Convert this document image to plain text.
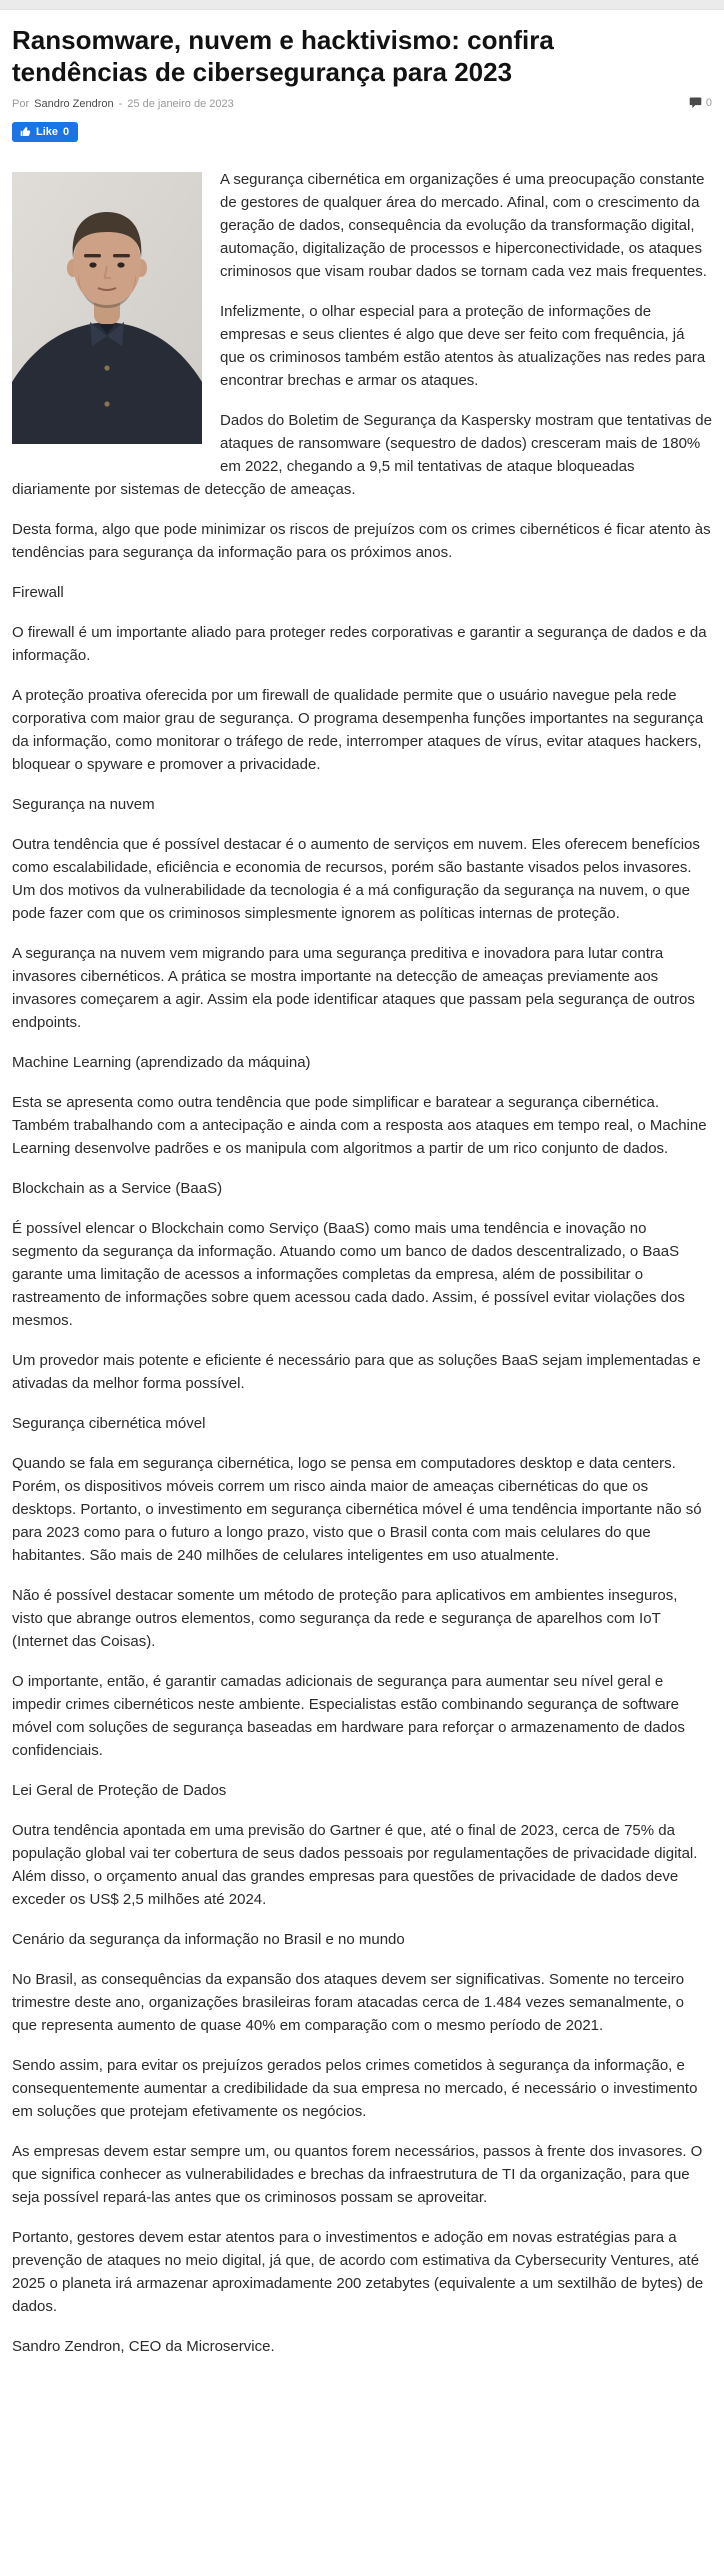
Ransomware, nuvem e hacktivismo: confira tendências de cibersegurança para 2023
Por Sandro Zendron - 25 de janeiro de 2023	0
Like 0

A segurança cibernética em organizações é uma preocupação constante de gestores de qualquer área do mercado. Afinal, com o crescimento da geração de dados, consequência da evolução da transformação digital, automação, digitalização de processos e hiperconectividade, os ataques criminosos que visam roubar dados se tornam cada vez mais frequentes.

Infelizmente, o olhar especial para a proteção de informações de empresas e seus clientes é algo que deve ser feito com frequência, já que os criminosos também estão atentos às atualizações nas redes para encontrar brechas e armar os ataques.

Dados do Boletim de Segurança da Kaspersky mostram que tentativas de ataques de ransomware (sequestro de dados) cresceram mais de 180% em 2022, chegando a 9,5 mil tentativas de ataque bloqueadas diariamente por sistemas de detecção de ameaças.

Desta forma, algo que pode minimizar os riscos de prejuízos com os crimes cibernéticos é ficar atento às tendências para segurança da informação para os próximos anos.

Firewall

O firewall é um importante aliado para proteger redes corporativas e garantir a segurança de dados e da informação.

A proteção proativa oferecida por um firewall de qualidade permite que o usuário navegue pela rede corporativa com maior grau de segurança. O programa desempenha funções importantes na segurança da informação, como monitorar o tráfego de rede, interromper ataques de vírus, evitar ataques hackers, bloquear o spyware e promover a privacidade.

Segurança na nuvem

Outra tendência que é possível destacar é o aumento de serviços em nuvem. Eles oferecem benefícios como escalabilidade, eficiência e economia de recursos, porém são bastante visados pelos invasores. Um dos motivos da vulnerabilidade da tecnologia é a má configuração da segurança na nuvem, o que pode fazer com que os criminosos simplesmente ignorem as políticas internas de proteção.

A segurança na nuvem vem migrando para uma segurança preditiva e inovadora para lutar contra invasores cibernéticos. A prática se mostra importante na detecção de ameaças previamente aos invasores começarem a agir. Assim ela pode identificar ataques que passam pela segurança de outros endpoints.

Machine Learning (aprendizado da máquina)

Esta se apresenta como outra tendência que pode simplificar e baratear a segurança cibernética. Também trabalhando com a antecipação e ainda com a resposta aos ataques em tempo real, o Machine Learning desenvolve padrões e os manipula com algoritmos a partir de um rico conjunto de dados.

Blockchain as a Service (BaaS)

É possível elencar o Blockchain como Serviço (BaaS) como mais uma tendência e inovação no segmento da segurança da informação. Atuando como um banco de dados descentralizado, o BaaS garante uma limitação de acessos a informações completas da empresa, além de possibilitar o rastreamento de informações sobre quem acessou cada dado. Assim, é possível evitar violações dos mesmos.

Um provedor mais potente e eficiente é necessário para que as soluções BaaS sejam implementadas e ativadas da melhor forma possível.

Segurança cibernética móvel

Quando se fala em segurança cibernética, logo se pensa em computadores desktop e data centers. Porém, os dispositivos móveis correm um risco ainda maior de ameaças cibernéticas do que os desktops. Portanto, o investimento em segurança cibernética móvel é uma tendência importante não só para 2023 como para o futuro a longo prazo, visto que o Brasil conta com mais celulares do que habitantes. São mais de 240 milhões de celulares inteligentes em uso atualmente.

Não é possível destacar somente um método de proteção para aplicativos em ambientes inseguros, visto que abrange outros elementos, como segurança da rede e segurança de aparelhos com IoT (Internet das Coisas).

O importante, então, é garantir camadas adicionais de segurança para aumentar seu nível geral e impedir crimes cibernéticos neste ambiente. Especialistas estão combinando segurança de software móvel com soluções de segurança baseadas em hardware para reforçar o armazenamento de dados confidenciais.

Lei Geral de Proteção de Dados

Outra tendência apontada em uma previsão do Gartner é que, até o final de 2023, cerca de 75% da população global vai ter cobertura de seus dados pessoais por regulamentações de privacidade digital. Além disso, o orçamento anual das grandes empresas para questões de privacidade de dados deve exceder os US$ 2,5 milhões até 2024.

Cenário da segurança da informação no Brasil e no mundo

No Brasil, as consequências da expansão dos ataques devem ser significativas. Somente no terceiro trimestre deste ano, organizações brasileiras foram atacadas cerca de 1.484 vezes semanalmente, o que representa aumento de quase 40% em comparação com o mesmo período de 2021.

Sendo assim, para evitar os prejuízos gerados pelos crimes cometidos à segurança da informação, e consequentemente aumentar a credibilidade da sua empresa no mercado, é necessário o investimento em soluções que protejam efetivamente os negócios.

As empresas devem estar sempre um, ou quantos forem necessários, passos à frente dos invasores. O que significa conhecer as vulnerabilidades e brechas da infraestrutura de TI da organização, para que seja possível repará-las antes que os criminosos possam se aproveitar.

Portanto, gestores devem estar atentos para o investimentos e adoção em novas estratégias para a prevenção de ataques no meio digital, já que, de acordo com estimativa da Cybersecurity Ventures, até 2025 o planeta irá armazenar aproximadamente 200 zetabytes (equivalente a um sextilhão de bytes) de dados.

Sandro Zendron, CEO da Microservice.
